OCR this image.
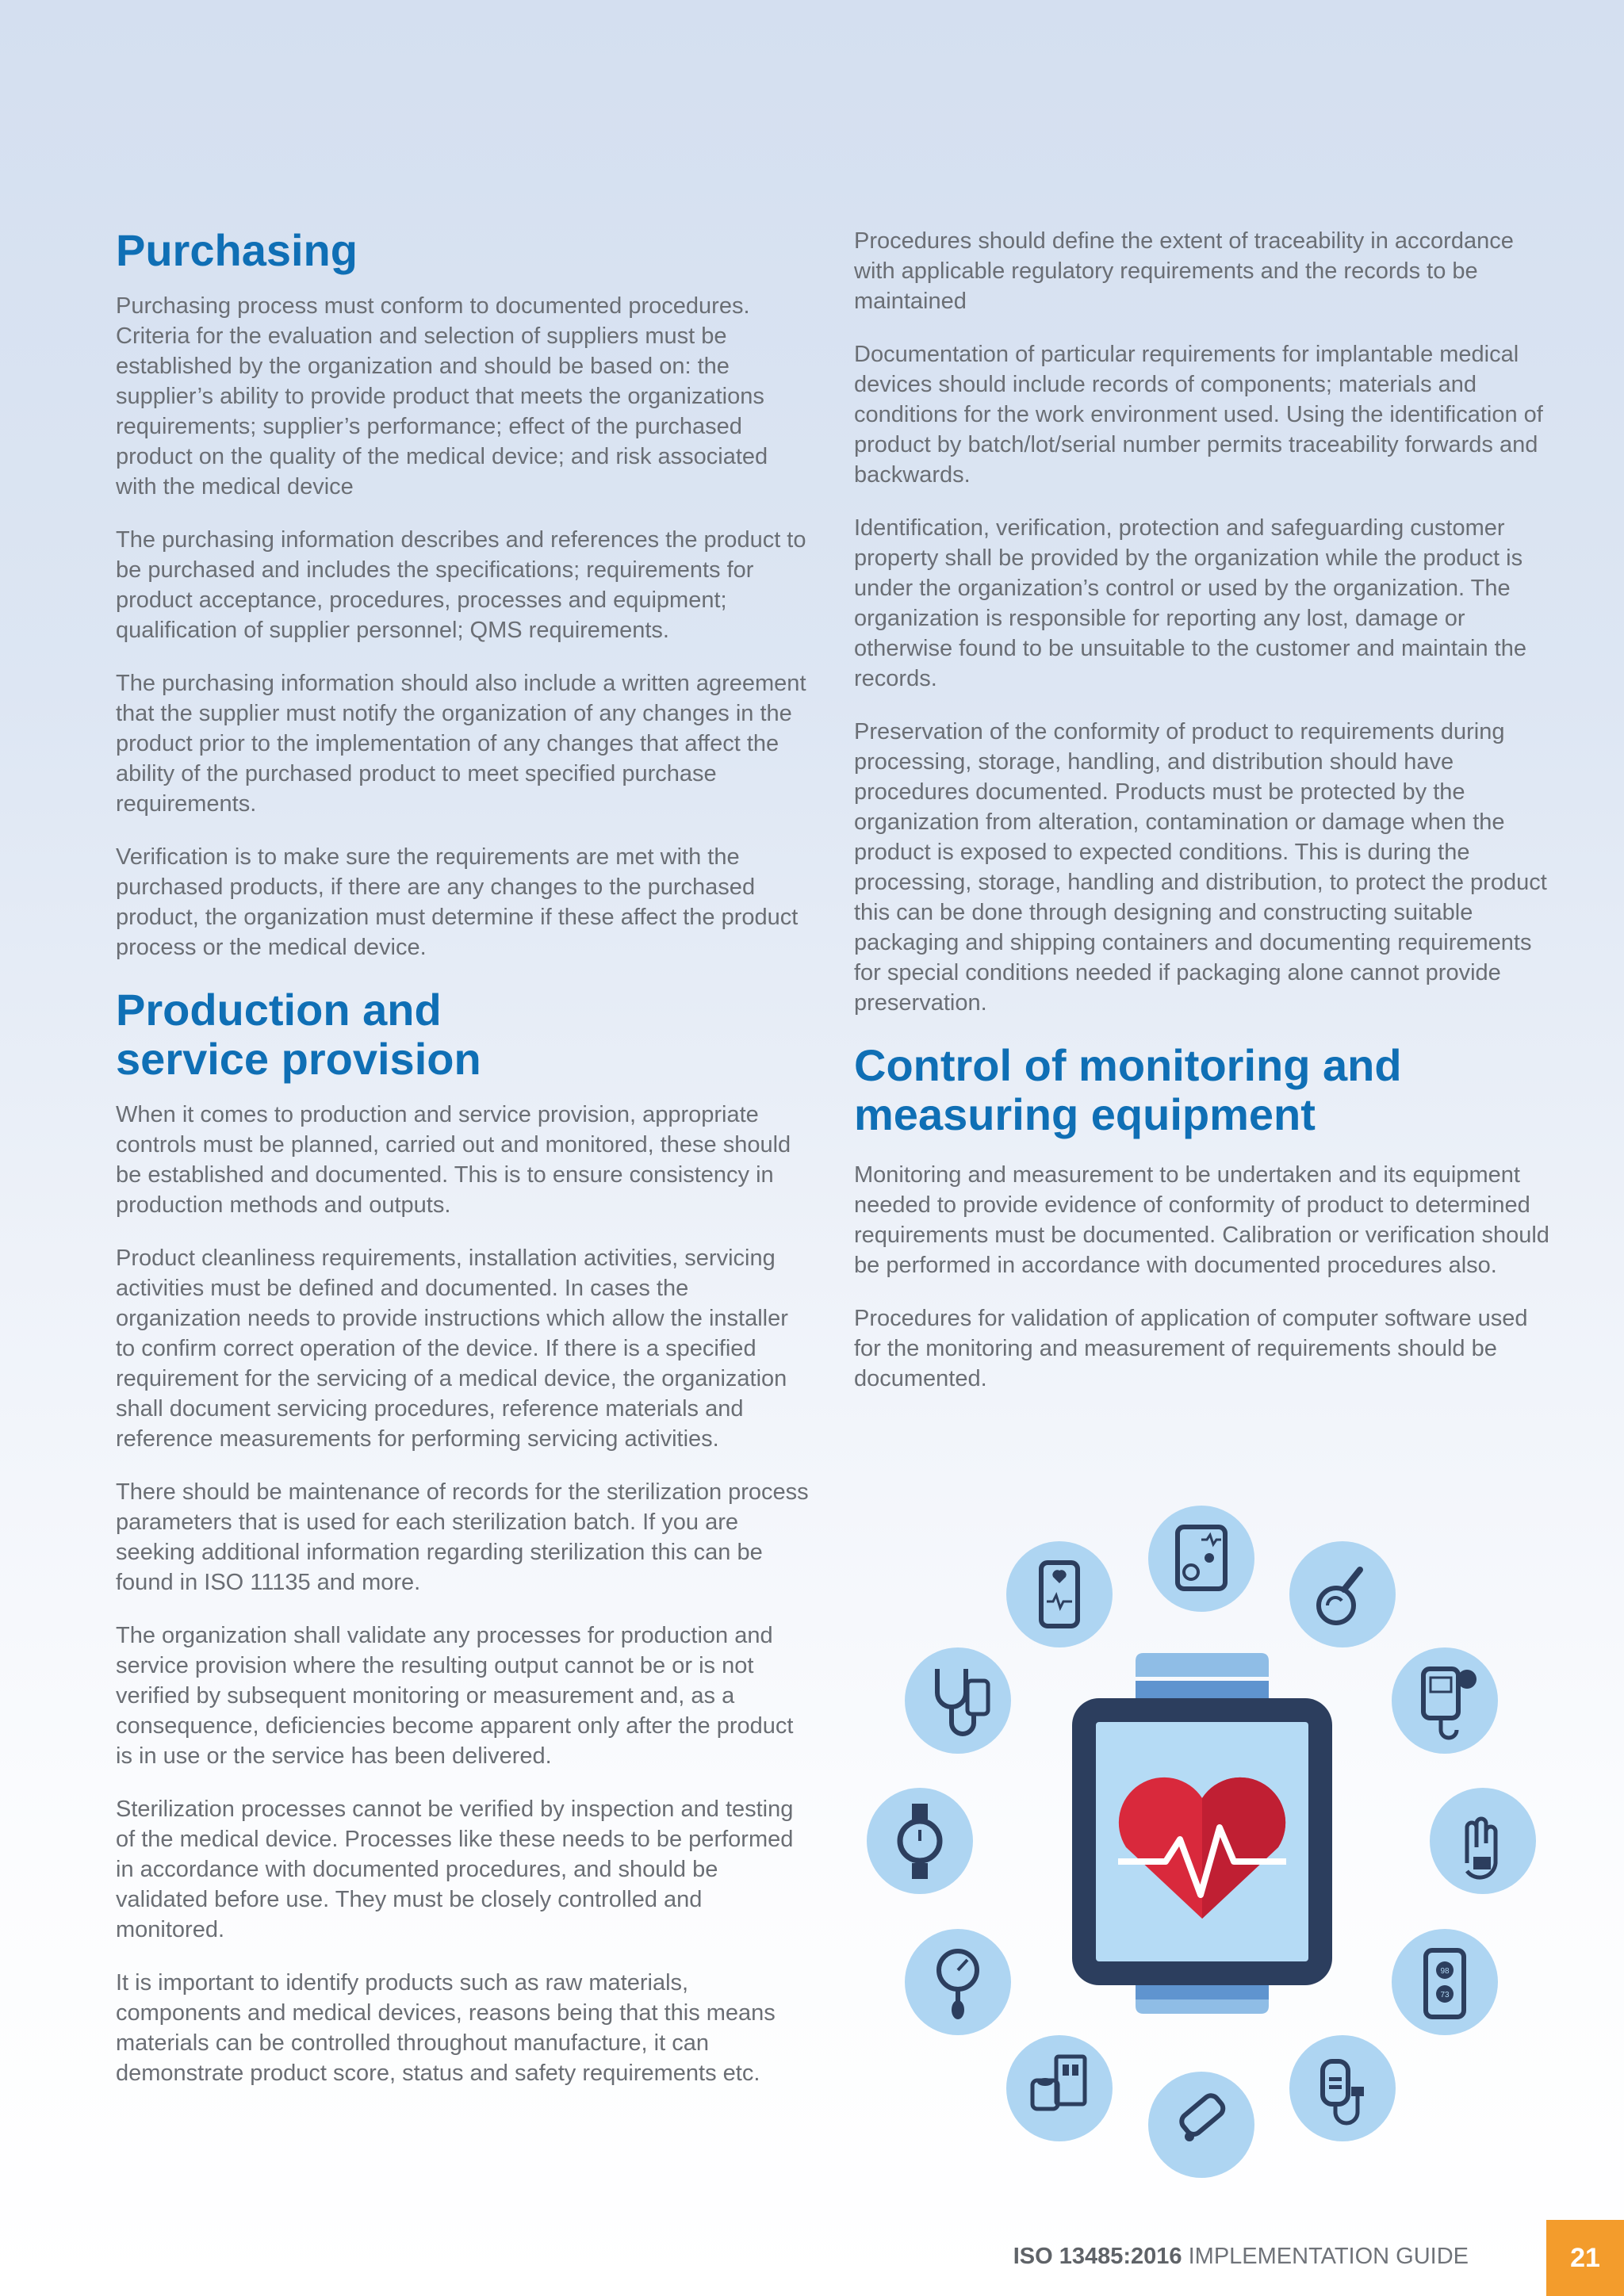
Purchasing

Purchasing process must conform to documented procedures. Criteria for the evaluation and selection of suppliers must be established by the organization and should be based on: the supplier’s ability to provide product that meets the organizations requirements; supplier’s performance; effect of the purchased product on the quality of the medical device; and risk associated with the medical device

The purchasing information describes and references the product to be purchased and includes the specifications; requirements for product acceptance, procedures, processes and equipment; qualification of supplier personnel; QMS requirements.

The purchasing information should also include a written agreement that the supplier must notify the organization of any changes in the product prior to the implementation of any changes that affect the ability of the purchased product to meet specified purchase requirements.

Verification is to make sure the requirements are met with the purchased products, if there are any changes to the purchased product, the organization must determine if these affect the product process or the medical device.

Production and
service provision

When it comes to production and service provision, appropriate controls must be planned, carried out and monitored, these should be established and documented. This is to ensure consistency in production methods and outputs.

Product cleanliness requirements, installation activities, servicing activities must be defined and documented. In cases the organization needs to provide instructions which allow the installer to confirm correct operation of the device. If there is a specified requirement for the servicing of a medical device, the organization shall document servicing procedures, reference materials and reference measurements for performing servicing activities.

There should be maintenance of records for the sterilization process parameters that is used for each sterilization batch. If you are seeking additional information regarding sterilization this can be found in ISO 11135 and more.

The organization shall validate any processes for production and service provision where the resulting output cannot be or is not verified by subsequent monitoring or measurement and, as a consequence, deficiencies become apparent only after the product is in use or the service has been delivered.

Sterilization processes cannot be verified by inspection and testing of the medical device. Processes like these needs to be performed in accordance with documented procedures, and should be validated before use. They must be closely controlled and monitored.

It is important to identify products such as raw materials, components and medical devices, reasons being that this means materials can be controlled throughout manufacture, it can demonstrate product score, status and safety requirements etc.

Procedures should define the extent of traceability in accordance with applicable regulatory requirements and the records to be maintained

Documentation of particular requirements for implantable medical devices should include records of components; materials and conditions for the work environment used. Using the identification of product by batch/lot/serial number permits traceability forwards and backwards.

Identification, verification, protection and safeguarding customer property shall be provided by the organization while the product is under the organization’s control or used by the organization. The organization is responsible for reporting any lost, damage or otherwise found to be unsuitable to the customer and maintain the records.

Preservation of the conformity of product to requirements during processing, storage, handling, and distribution should have procedures documented. Products must be protected by the organization from alteration, contamination or damage when the product is exposed to expected conditions. This is during the processing, storage, handling and distribution, to protect the product this can be done through designing and constructing suitable packaging and shipping containers and documenting requirements for special conditions needed if packaging alone cannot provide preservation.

Control of monitoring and
measuring equipment

Monitoring and measurement to be undertaken and its equipment needed to provide evidence of conformity of product to determined requirements must be documented. Calibration or verification should be performed in accordance with documented procedures also.

Procedures for validation of application of computer software used for the monitoring and measurement of requirements should be documented.

98
73
ISO 13485:2016 IMPLEMENTATION GUIDE	21
